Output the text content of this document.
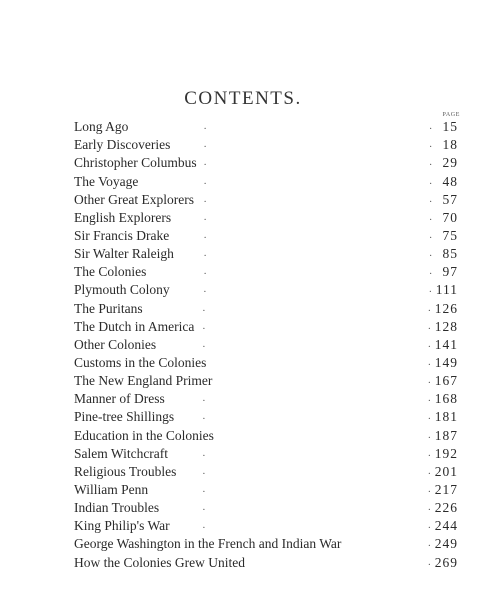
CONTENTS.
PAGE
Long Ago .	15
Early Discoveries .	18
Christopher Columbus .	29
The Voyage .	48
Other Great Explorers .	57
English Explorers .	70
Sir Francis Drake .	75
Sir Walter Raleigh .	85
The Colonies .	97
Plymouth Colony .	111
The Puritans .	126
The Dutch in America .	128
Other Colonies .	141
Customs in the Colonies .	149
The New England Primer .	167
Manner of Dress .	168
Pine-tree Shillings .	181
Education in the Colonies .	187
Salem Witchcraft .	192
Religious Troubles .	201
William Penn .	217
Indian Troubles .	226
King Philip's War .	244
George Washington in the French and Indian War .	249
How the Colonies Grew United .	269
